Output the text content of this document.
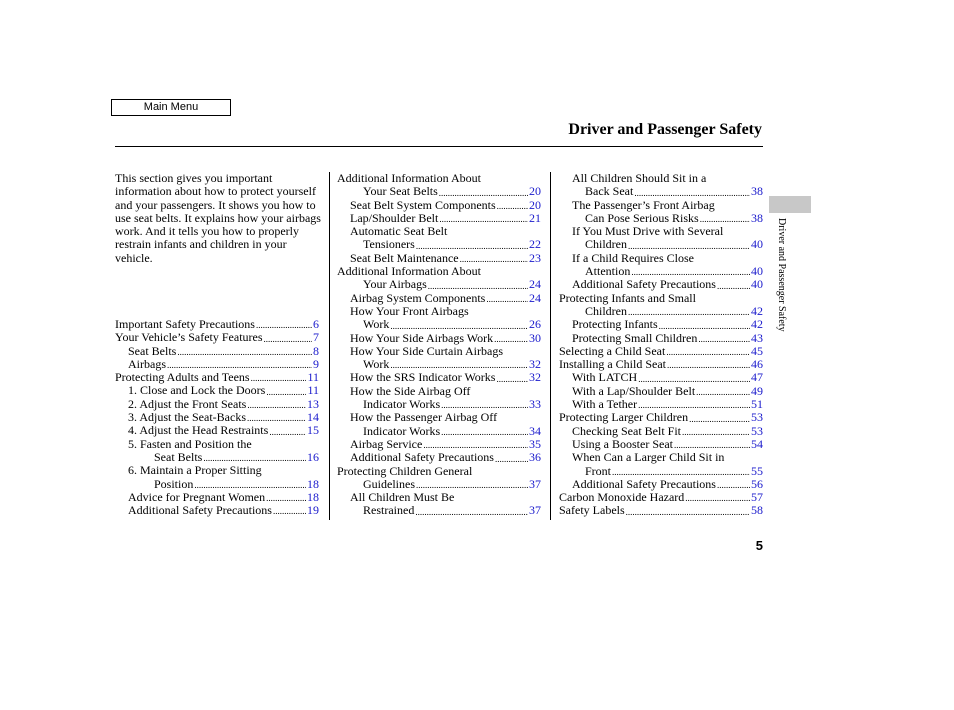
Main Menu
Driver and Passenger Safety
Driver and Passenger Safety

This section gives you important information about how to protect yourself and your passengers. It shows you how to use seat belts. It explains how your airbags work. And it tells you how to properly restrain infants and children in your vehicle.

Important Safety Precautions .....	6
Your Vehicle’s Safety Features .....	7
Seat Belts .....	8
Airbags .....	9
Protecting Adults and Teens .....	11
1. Close and Lock the Doors .....	11
2. Adjust the Front Seats .....	13
3. Adjust the Seat-Backs .....	14
4. Adjust the Head Restraints .....	15
5. Fasten and Position the
Seat Belts .....	16
6. Maintain a Proper Sitting
Position .....	18
Advice for Pregnant Women .....	18
Additional Safety Precautions .....	19
Additional Information About
Your Seat Belts .....	20
Seat Belt System Components .....	20
Lap/Shoulder Belt .....	21
Automatic Seat Belt
Tensioners .....	22
Seat Belt Maintenance .....	23
Additional Information About
Your Airbags .....	24
Airbag System Components .....	24
How Your Front Airbags
Work .....	26
How Your Side Airbags Work .....	30
How Your Side Curtain Airbags
Work .....	32
How the SRS Indicator Works .....	32
How the Side Airbag Off
Indicator Works .....	33
How the Passenger Airbag Off
Indicator Works .....	34
Airbag Service .....	35
Additional Safety Precautions .....	36
Protecting Children General
Guidelines .....	37
All Children Must Be
Restrained .....	37
All Children Should Sit in a
Back Seat .....	38
The Passenger’s Front Airbag
Can Pose Serious Risks .....	38
If You Must Drive with Several
Children .....	40
If a Child Requires Close
Attention .....	40
Additional Safety Precautions .....	40
Protecting Infants and Small
Children .....	42
Protecting Infants .....	42
Protecting Small Children .....	43
Selecting a Child Seat .....	45
Installing a Child Seat .....	46
With LATCH .....	47
With a Lap/Shoulder Belt .....	49
With a Tether .....	51
Protecting Larger Children .....	53
Checking Seat Belt Fit .....	53
Using a Booster Seat .....	54
When Can a Larger Child Sit in
Front .....	55
Additional Safety Precautions .....	56
Carbon Monoxide Hazard .....	57
Safety Labels .....	58
5
